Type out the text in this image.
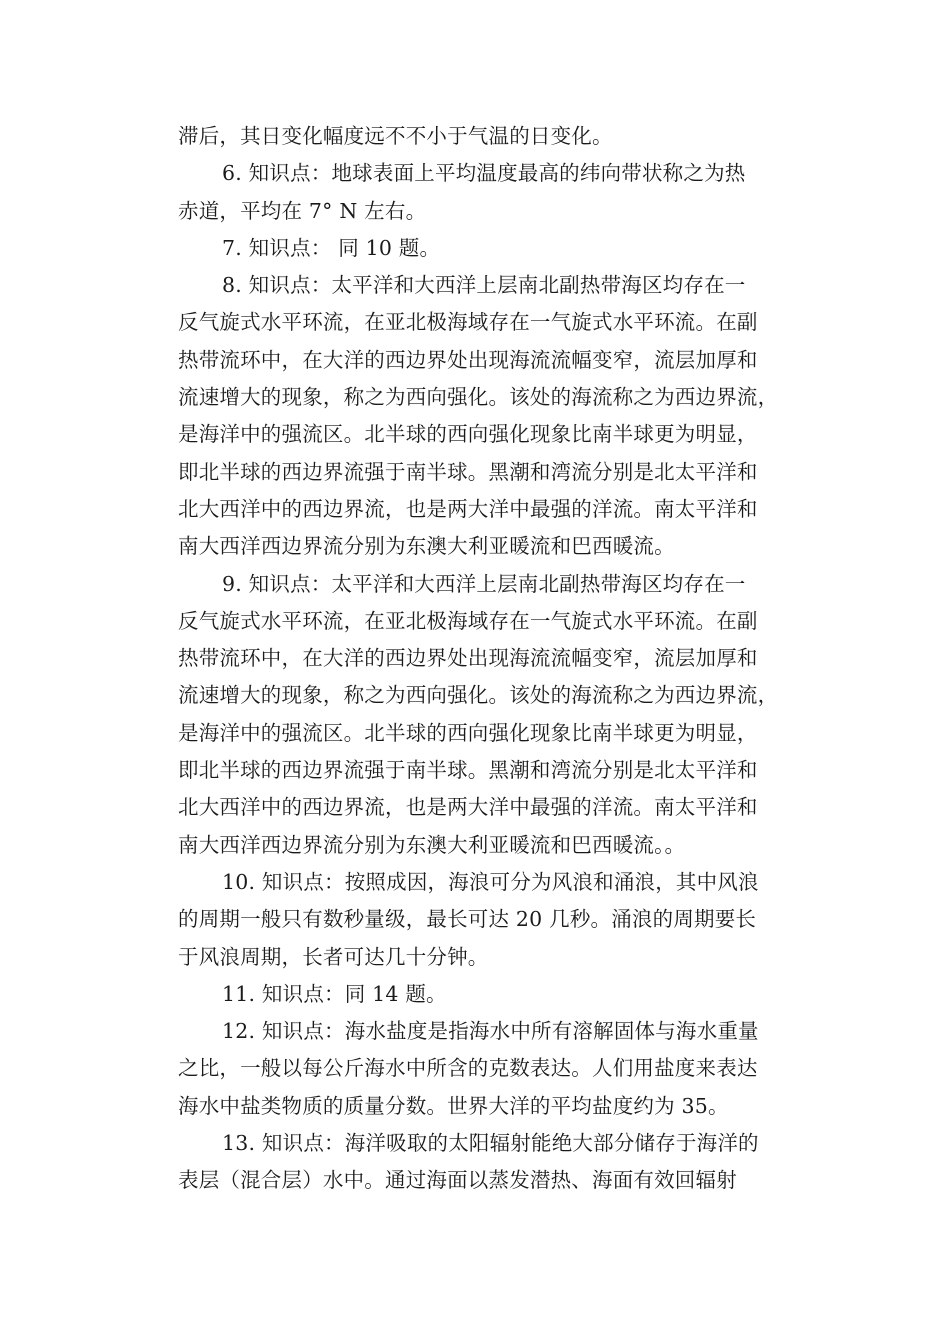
滞后，其日变化幅度远不不小于气温的日变化。
6. 知识点：地球表面上平均温度最高的纬向带状称之为热
赤道，平均在 7° N 左右。
7. 知识点： 同 10 题。
8. 知识点：太平洋和大西洋上层南北副热带海区均存在一
反气旋式水平环流，在亚北极海域存在一气旋式水平环流。在副
热带流环中，在大洋的西边界处出现海流流幅变窄，流层加厚和
流速增大的现象，称之为西向强化。该处的海流称之为西边界流，
是海洋中的强流区。北半球的西向强化现象比南半球更为明显，
即北半球的西边界流强于南半球。黑潮和湾流分别是北太平洋和
北大西洋中的西边界流，也是两大洋中最强的洋流。南太平洋和
南大西洋西边界流分别为东澳大利亚暖流和巴西暖流。
9. 知识点：太平洋和大西洋上层南北副热带海区均存在一
反气旋式水平环流，在亚北极海域存在一气旋式水平环流。在副
热带流环中，在大洋的西边界处出现海流流幅变窄，流层加厚和
流速增大的现象，称之为西向强化。该处的海流称之为西边界流，
是海洋中的强流区。北半球的西向强化现象比南半球更为明显，
即北半球的西边界流强于南半球。黑潮和湾流分别是北太平洋和
北大西洋中的西边界流，也是两大洋中最强的洋流。南太平洋和
南大西洋西边界流分别为东澳大利亚暖流和巴西暖流。。
10. 知识点：按照成因，海浪可分为风浪和涌浪，其中风浪
的周期一般只有数秒量级，最长可达 20 几秒。涌浪的周期要长
于风浪周期，长者可达几十分钟。
11. 知识点：同 14 题。
12. 知识点：海水盐度是指海水中所有溶解固体与海水重量
之比，一般以每公斤海水中所含的克数表达。人们用盐度来表达
海水中盐类物质的质量分数。世界大洋的平均盐度约为 35。
13. 知识点：海洋吸取的太阳辐射能绝大部分储存于海洋的
表层（混合层）水中。通过海面以蒸发潜热、海面有效回辐射
